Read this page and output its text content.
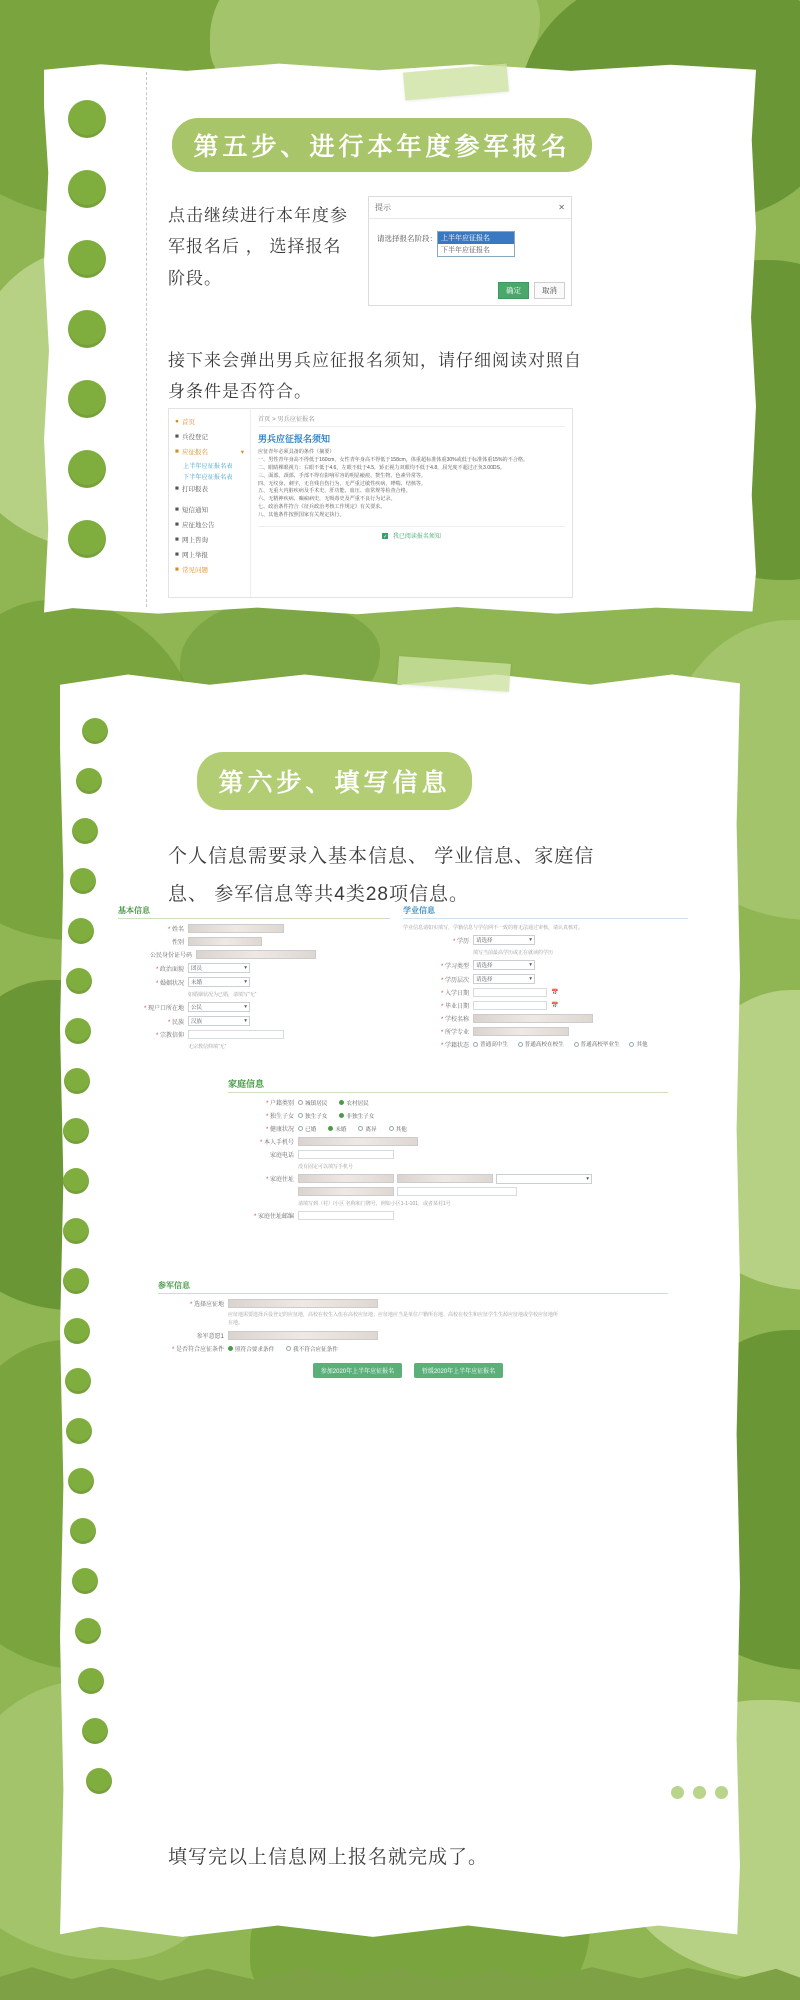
第五步、进行本年度参军报名
点击继续进行本年度参军报名后 ， 选择报名阶段。
接下来会弹出男兵应征报名须知，请仔细阅读对照自身条件是否符合。
提示	✕
请选择报名阶段： 上半年应征报名
下半年应征报名
确定	取消
● 首页
■ 兵役登记
■ 应征报名	▾
上半年应征报名表
下半年应征报名表
■ 打印报表
■ 短信通知
■ 应征地公告
■ 网上咨询
■ 网上举报
■ 常见问题
首页 > 男兵应征报名
男兵应征报名须知
应征青年必须具备的条件（摘要）
一、男性青年身高不得低于160cm，女性青年身高不得低于158cm，体重超标准体重30%或低于标准体重15%的不合格。
二、眼睛裸眼视力：右眼不低于4.6，左眼不低于4.5，矫正视力双眼均不低于4.8，屈光度不超过正负3.00DS。
三、面部、颈部、手部不得有影响军容的明显瘢痕、赘生物、色素异常等。
四、无纹身、刺字，无自残自伤行为，无严重过敏性疾病、哮喘、结核等。
五、无重大内脏疾病及手术史，肝功能、血压、血常规等检查合格。
六、无精神疾病、癫痫病史，无吸毒史及严重不良行为记录。
七、政治条件符合《征兵政治考核工作规定》有关要求。
八、其他条件按照国家有关规定执行。
✓ 我已阅读报名须知
第六步、填写信息
个人信息需要录入基本信息、 学业信息、家庭信息、 参军信息等共4类28项信息。
基本信息
* 姓名
性别
公民身份证号码
* 政治面貌 团员	▾
* 婚姻状况 未婚	▾
如婚姻状况为已婚，请填写“无”
* 现户口所在地 公民	▾
* 民族 汉族	▾
* 宗教信仰
无宗教信仰填“无”
学业信息
学业信息请如实填写，学籍信息与学信网不一致的将无法通过审核，请认真核对。
* 学历 请选择	▾
填写当前最高学历或正在就读的学历
* 学习类型 请选择	▾
* 学历层次 请选择	▾
* 入学日期	📅
* 毕业日期	📅
* 学校名称
* 所学专业
* 学籍状态 普通高中生
	普通高校在校生
	普通高校毕业生
	其他
家庭信息
* 户籍类别 城镇居民	农村居民
* 独生子女 独生子女	非独生子女
* 健康状况 已婚	未婚	离异	其他
* 本人手机号
家庭电话
没有固定可以填写手机号
* 家庭住址	▾
请填写到（村）/小区 名称和门牌号，例如小区1-1-101，或者某村1号
* 家庭住址邮编
参军信息
* 选择应征地
应征地需要选择兵役登记的应征地，高校在校生入伍在高校应征地；应征地应当是单位户籍所在地、高校在校生和应征学生生源应征地或学校应征地所在地。
参军意愿1
* 是否符合应征条件 照符合要求条件	我不符合应征条件
参加2020年上半年应征报名	暂缓2020年上半年应征报名
填写完以上信息网上报名就完成了。
